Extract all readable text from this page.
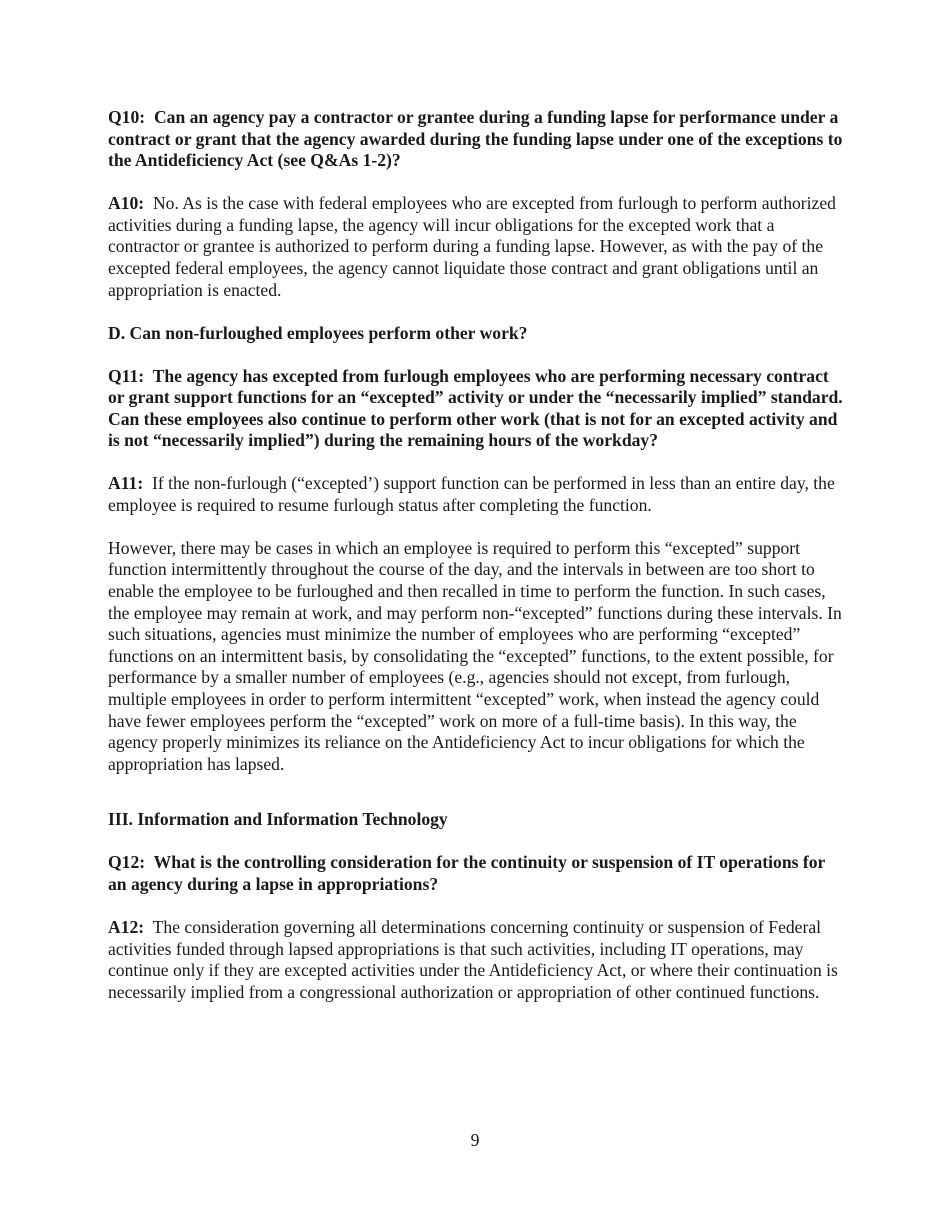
Q10: Can an agency pay a contractor or grantee during a funding lapse for performance under a contract or grant that the agency awarded during the funding lapse under one of the exceptions to the Antideficiency Act (see Q&As 1-2)?

A10: No. As is the case with federal employees who are excepted from furlough to perform authorized activities during a funding lapse, the agency will incur obligations for the excepted work that a contractor or grantee is authorized to perform during a funding lapse. However, as with the pay of the excepted federal employees, the agency cannot liquidate those contract and grant obligations until an appropriation is enacted.

D. Can non-furloughed employees perform other work?

Q11: The agency has excepted from furlough employees who are performing necessary contract or grant support functions for an “excepted” activity or under the “necessarily implied” standard. Can these employees also continue to perform other work (that is not for an excepted activity and is not “necessarily implied”) during the remaining hours of the workday?

A11: If the non-furlough (“excepted’) support function can be performed in less than an entire day, the employee is required to resume furlough status after completing the function.

However, there may be cases in which an employee is required to perform this “excepted” support function intermittently throughout the course of the day, and the intervals in between are too short to enable the employee to be furloughed and then recalled in time to perform the function. In such cases, the employee may remain at work, and may perform non-“excepted” functions during these intervals. In such situations, agencies must minimize the number of employees who are performing “excepted” functions on an intermittent basis, by consolidating the “excepted” functions, to the extent possible, for performance by a smaller number of employees (e.g., agencies should not except, from furlough, multiple employees in order to perform intermittent “excepted” work, when instead the agency could have fewer employees perform the “excepted” work on more of a full-time basis). In this way, the agency properly minimizes its reliance on the Antideficiency Act to incur obligations for which the appropriation has lapsed.

III. Information and Information Technology

Q12: What is the controlling consideration for the continuity or suspension of IT operations for an agency during a lapse in appropriations?

A12: The consideration governing all determinations concerning continuity or suspension of Federal activities funded through lapsed appropriations is that such activities, including IT operations, may continue only if they are excepted activities under the Antideficiency Act, or where their continuation is necessarily implied from a congressional authorization or appropriation of other continued functions.

9
